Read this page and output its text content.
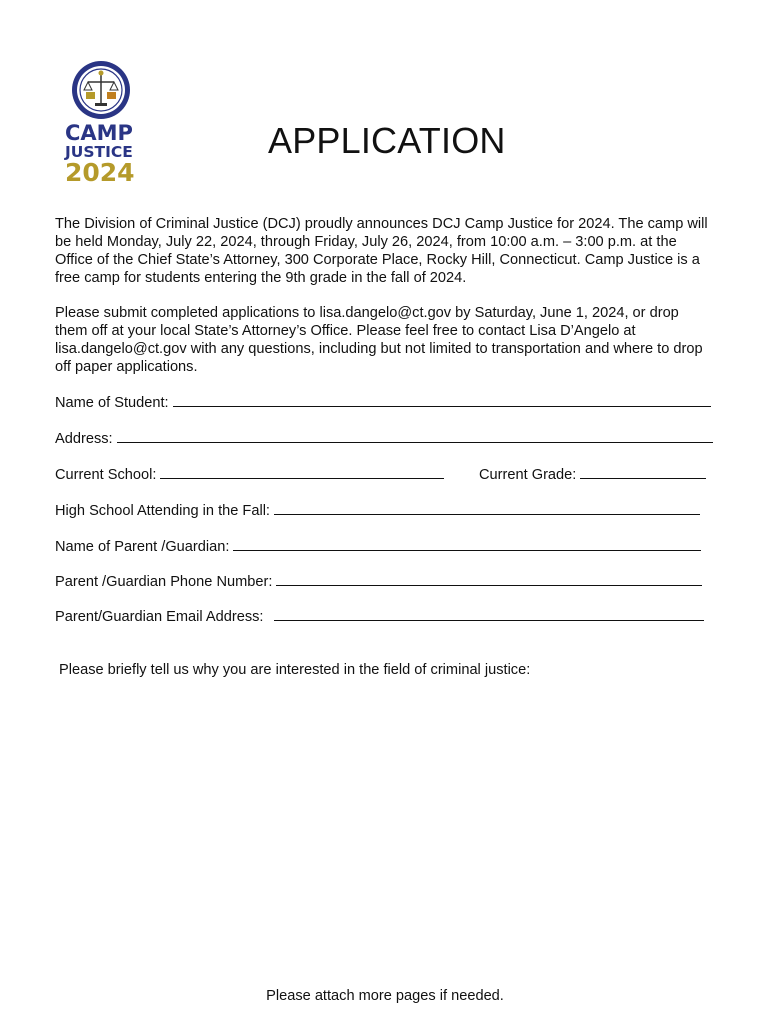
CAMP
JUSTICE
2024
APPLICATION

The Division of Criminal Justice (DCJ) proudly announces DCJ Camp Justice for 2024. The camp will be held Monday, July 22, 2024, through Friday, July 26, 2024, from 10:00 a.m. – 3:00 p.m. at the Office of the Chief State’s Attorney, 300 Corporate Place, Rocky Hill, Connecticut. Camp Justice is a free camp for students entering the 9th grade in the fall of 2024.

Please submit completed applications to lisa.dangelo@ct.gov by Saturday, June 1, 2024, or drop them off at your local State’s Attorney’s Office. Please feel free to contact Lisa D’Angelo at lisa.dangelo@ct.gov with any questions, including but not limited to transportation and where to drop off paper applications.

Name of Student:
Address:
Current School:	Current Grade:
High School Attending in the Fall:
Name of Parent /Guardian:
Parent /Guardian Phone Number:
Parent/Guardian Email Address:
Please briefly tell us why you are interested in the field of criminal justice:
Please attach more pages if needed.
